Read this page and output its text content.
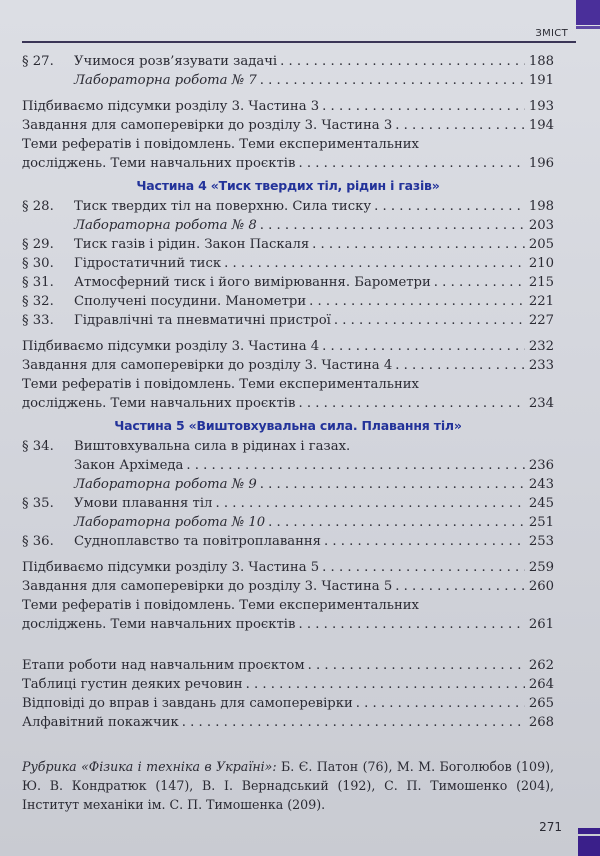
ЗМІСТ
§ 27.	Учимося розв’язувати задачі . . .	188
Лабораторна робота № 7 . . .	191
Підбиваємо підсумки розділу 3. Частина 3 . . .	193
Завдання для самоперевірки до розділу 3. Частина 3 . . .	194
Теми рефератів і повідомлень. Теми експериментальних
досліджень. Теми навчальних проєктів . . .	196
Частина 4 «Тиск твердих тіл, рідин і газів»
§ 28.	Тиск твердих тіл на поверхню. Сила тиску . . .	198
Лабораторна робота № 8 . . .	203
§ 29.	Тиск газів і рідин. Закон Паскаля . . .	205
§ 30.	Гідростатичний тиск . . .	210
§ 31.	Атмосферний тиск і його вимірювання. Барометри . . .	215
§ 32.	Сполучені посудини. Манометри . . .	221
§ 33.	Гідравлічні та пневматичні пристрої . . .	227
Підбиваємо підсумки розділу 3. Частина 4 . . .	232
Завдання для самоперевірки до розділу 3. Частина 4 . . .	233
Теми рефератів і повідомлень. Теми експериментальних
досліджень. Теми навчальних проєктів . . .	234
Частина 5 «Виштовхувальна сила. Плавання тіл»
§ 34.	Виштовхувальна сила в рідинах і газах.
Закон Архімеда . . .	236
Лабораторна робота № 9 . . .	243
§ 35.	Умови плавання тіл . . .	245
Лабораторна робота № 10 . . .	251
§ 36.	Судноплавство та повітроплавання . . .	253
Підбиваємо підсумки розділу 3. Частина 5 . . .	259
Завдання для самоперевірки до розділу 3. Частина 5 . . .	260
Теми рефератів і повідомлень. Теми експериментальних
досліджень. Теми навчальних проєктів . . .	261
Етапи роботи над навчальним проєктом . . .	262
Таблиці густин деяких речовин . . .	264
Відповіді до вправ і завдань для самоперевірки . . .	265
Алфавітний покажчик . . .	268
Рубрика «Фізика і техніка в Україні»: Б. Є. Патон (76), М. М. Боголюбов (109), Ю. В. Кондратюк (147), В. І. Вернадський (192), С. П. Тимошенко (204), Інститут механіки ім. С. П. Тимошенка (209).
271
